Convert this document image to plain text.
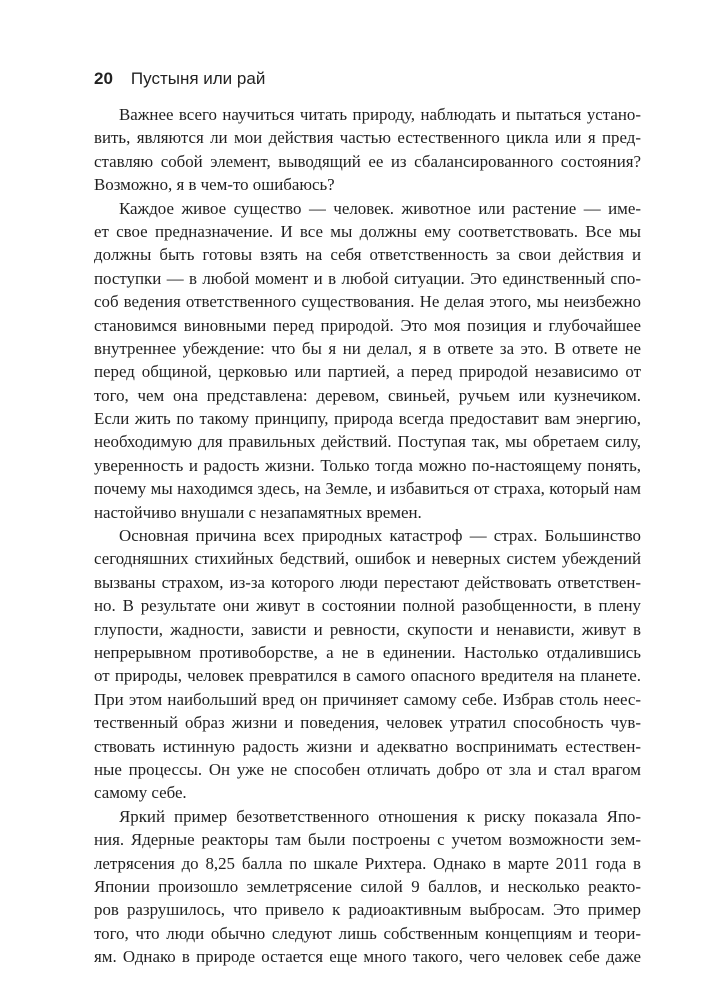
20 Пустыня или рай
Важнее всего научиться читать природу, наблюдать и пытаться устано-
вить, являются ли мои действия частью естественного цикла или я пред-
ставляю собой элемент, выводящий ее из сбалансированного состояния?
Возможно, я в чем-то ошибаюсь?
Каждое живое существо — человек. животное или растение — име-
ет свое предназначение. И все мы должны ему соответствовать. Все мы
должны быть готовы взять на себя ответственность за свои действия и
поступки — в любой момент и в любой ситуации. Это единственный спо-
соб ведения ответственного существования. Не делая этого, мы неизбежно
становимся виновными перед природой. Это моя позиция и глубочайшее
внутреннее убеждение: что бы я ни делал, я в ответе за это. В ответе не
перед общиной, церковью или партией, а перед природой независимо от
того, чем она представлена: деревом, свиньей, ручьем или кузнечиком.
Если жить по такому принципу, природа всегда предоставит вам энергию,
необходимую для правильных действий. Поступая так, мы обретаем силу,
уверенность и радость жизни. Только тогда можно по-настоящему понять,
почему мы находимся здесь, на Земле, и избавиться от страха, который нам
настойчиво внушали с незапамятных времен.
Основная причина всех природных катастроф — страх. Большинство
сегодняшних стихийных бедствий, ошибок и неверных систем убеждений
вызваны страхом, из-за которого люди перестают действовать ответствен-
но. В результате они живут в состоянии полной разобщенности, в плену
глупости, жадности, зависти и ревности, скупости и ненависти, живут в
непрерывном противоборстве, а не в единении. Настолько отдалившись
от природы, человек превратился в самого опасного вредителя на планете.
При этом наибольший вред он причиняет самому себе. Избрав столь неес-
тественный образ жизни и поведения, человек утратил способность чув-
ствовать истинную радость жизни и адекватно воспринимать естествен-
ные процессы. Он уже не способен отличать добро от зла и стал врагом
самому себе.
Яркий пример безответственного отношения к риску показала Япо-
ния. Ядерные реакторы там были построены с учетом возможности зем-
летрясения до 8,25 балла по шкале Рихтера. Однако в марте 2011 года в
Японии произошло землетрясение силой 9 баллов, и несколько реакто-
ров разрушилось, что привело к радиоактивным выбросам. Это пример
того, что люди обычно следуют лишь собственным концепциям и теори-
ям. Однако в природе остается еще много такого, чего человек себе даже
